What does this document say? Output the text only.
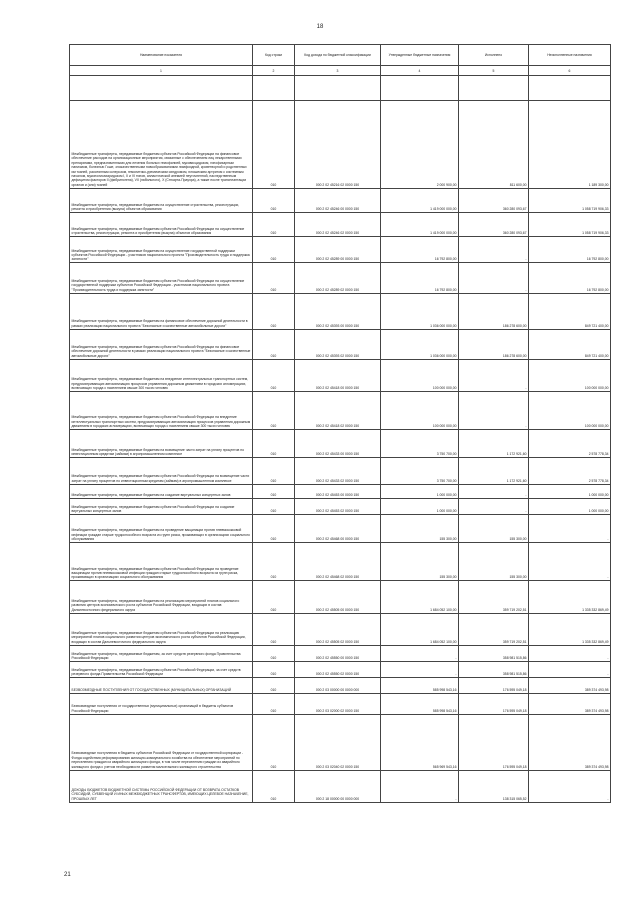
18
Наименование показателя	Код строки	Код дохода по бюджетной классификации	Утвержденные бюджетные назначения	Исполнено	Неисполненные назначения
1	2	3	4	5	6

Межбюджетные трансферты, передаваемые бюджетам субъектов Российской Федерации на финансовое обеспечение расходов на организационные мероприятия, связанные с обеспечением лиц лекарственными препаратами, предназначенными для лечения больных гемофилией, муковисцидозом, гипофизарным нанизмом, болезнью Гоше, злокачественными новообразованиями лимфоидной, кроветворной и родственных им тканей, рассеянным склерозом, гемолитико-уремическим синдромом, юношеским артритом с системным началом, мукополисахаридозом I, II и VI типов, апластической анемией неуточненной, наследственным дефицитом факторов II (фибриногена), VII (лабильного), X (Стюарта-Прауэра), а также после трансплантации органов и (или) тканей	010	000 2 02 45216 02 0000 150	2 000 900,00	811 600,00	1 189 300,00
Межбюджетные трансферты, передаваемые бюджетам на осуществление строительства, реконструкции, ремонта и приобретения (выкупа) объектов образования	010	000 2 02 45246 00 0000 150	1 419 000 000,00	360 280 093,67	1 058 719 906,33
Межбюджетные трансферты, передаваемые бюджетам субъектов Российской Федерации на осуществление строительства, реконструкции, ремонта и приобретения (выкупа) объектов образования	010	000 2 02 45246 02 0000 150	1 419 000 000,00	360 280 093,67	1 058 719 906,33
Межбюджетные трансферты, передаваемые бюджетам на осуществление государственной поддержки субъектов Российской Федерации - участников национального проекта "Производительность труда и поддержка занятости"	010	000 2 02 45289 00 0000 150	16 792 800,00	-	16 792 800,00
Межбюджетные трансферты, передаваемые бюджетам субъектов Российской Федерации на осуществление государственной поддержки субъектов Российской Федерации - участников национального проекта "Производительность труда и поддержка занятости"	010	000 2 02 45289 02 0000 150	16 792 800,00	-	16 792 800,00
Межбюджетные трансферты, передаваемые бюджетам на финансовое обеспечение дорожной деятельности в рамках реализации национального проекта "Безопасные и качественные автомобильные дороги"	010	000 2 02 45393 00 0000 150	1 036 000 000,00	186 278 600,00	849 721 400,00
Межбюджетные трансферты, передаваемые бюджетам субъектов Российской Федерации на финансовое обеспечение дорожной деятельности в рамках реализации национального проекта "Безопасные и качественные автомобильные дороги"	010	000 2 02 45393 02 0000 150	1 036 000 000,00	186 278 600,00	849 721 400,00
Межбюджетные трансферты, передаваемые бюджетам на внедрение интеллектуальных транспортных систем, предусматривающих автоматизацию процессов управления дорожным движением в городских агломерациях, включающих города с населением свыше 300 тысяч человек	010	000 2 02 45418 00 0000 150	100 000 000,00	-	100 000 000,00
Межбюджетные трансферты, передаваемые бюджетам субъектов Российской Федерации на внедрение интеллектуальных транспортных систем, предусматривающих автоматизацию процессов управления дорожным движением в городских агломерациях, включающих города с населением свыше 300 тысяч человек	010	000 2 02 45418 02 0000 150	100 000 000,00	-	100 000 000,00
Межбюджетные трансферты, передаваемые бюджетам на возмещение части затрат на уплату процентов по инвестиционным кредитам (займам) в агропромышленном комплексе	010	000 2 02 45433 00 0000 150	3 750 700,00	1 172 921,60	2 578 778,34
Межбюджетные трансферты, передаваемые бюджетам субъектов Российской Федерации на возмещение части затрат на уплату процентов по инвестиционным кредитам (займам) в агропромышленном комплексе	010	000 2 02 45433 02 0000 150	3 750 700,00	1 172 921,60	2 578 778,34
Межбюджетные трансферты, передаваемые бюджетам на создание виртуальных концертных залов	010	000 2 02 45453 00 0000 150	1 000 000,00	-	1 000 000,00
Межбюджетные трансферты, передаваемые бюджетам субъектов Российской Федерации на создание виртуальных концертных залов	010	000 2 02 45453 02 0000 150	1 000 000,00	-	1 000 000,00
Межбюджетные трансферты, передаваемые бюджетам на проведение вакцинации против пневмококковой инфекции граждан старше трудоспособного возраста из групп риска, проживающих в организациях социального обслуживания	010	000 2 02 45468 00 0000 150	155 300,00	155 300,00	-
Межбюджетные трансферты, передаваемые бюджетам субъектов Российской Федерации на проведение вакцинации против пневмококковой инфекции граждан старше трудоспособного возраста из групп риска, проживающих в организациях социального обслуживания	010	000 2 02 45468 02 0000 150	155 300,00	155 300,00	-
Межбюджетные трансферты, передаваемые бюджетам на реализацию мероприятий планов социального развития центров экономического роста субъектов Российской Федерации, входящих в состав Дальневосточного федерального округа	010	000 2 02 45505 00 0000 150	1 684 052 100,00	359 719 202,51	1 335 332 869,49
Межбюджетные трансферты, передаваемые бюджетам субъектов Российской Федерации на реализацию мероприятий планов социального развития центров экономического роста субъектов Российской Федерации, входящих в состав Дальневосточного федерального округа	010	000 2 02 45505 02 0000 150	1 684 052 100,00	359 719 202,51	1 335 332 869,49
Межбюджетные трансферты, передаваемые бюджетам, за счет средств резервного фонда Правительства Российской Федерации	010	000 2 02 45550 00 0000 150	-	358 981 515,86	-
Межбюджетные трансферты, передаваемые бюджетам субъектов Российской Федерации, за счет средств резервного фонда Правительства Российской Федерации	010	000 2 02 45550 02 0000 150	-	358 981 515,86	-
БЕЗВОЗМЕЗДНЫЕ ПОСТУПЛЕНИЯ ОТ ГОСУДАРСТВЕННЫХ (МУНИЦИПАЛЬНЫХ) ОРГАНИЗАЦИЙ	010	000 2 03 00000 00 0000 000	585 998 543,16	176 595 049,18	389 374 493,98
Безвозмездные поступления от государственных (муниципальных) организаций в бюджеты субъектов Российской Федерации	010	000 2 03 02000 02 0000 150	585 998 543,16	176 595 049,18	389 374 493,98
Безвозмездные поступления в бюджеты субъектов Российской Федерации от государственной корпорации - Фонда содействия реформированию жилищно-коммунального хозяйства на обеспечение мероприятий по переселению граждан из аварийного жилищного фонда, в том числе переселению граждан из аварийного жилищного фонда с учетом необходимости развития малоэтажного жилищного строительства	010	000 2 03 02040 02 0000 150	565 969 543,16	176 595 049,18	389 374 493,98
ДОХОДЫ БЮДЖЕТОВ БЮДЖЕТНОЙ СИСТЕМЫ РОССИЙСКОЙ ФЕДЕРАЦИИ ОТ ВОЗВРАТА ОСТАТКОВ СУБСИДИЙ, СУБВЕНЦИЙ И ИНЫХ МЕЖБЮДЖЕТНЫХ ТРАНСФЕРТОВ, ИМЕЮЩИХ ЦЕЛЕВОЕ НАЗНАЧЕНИЕ, ПРОШЛЫХ ЛЕТ	010	000 2 18 00000 00 0000 000	-	138 315 065,52	-
21
